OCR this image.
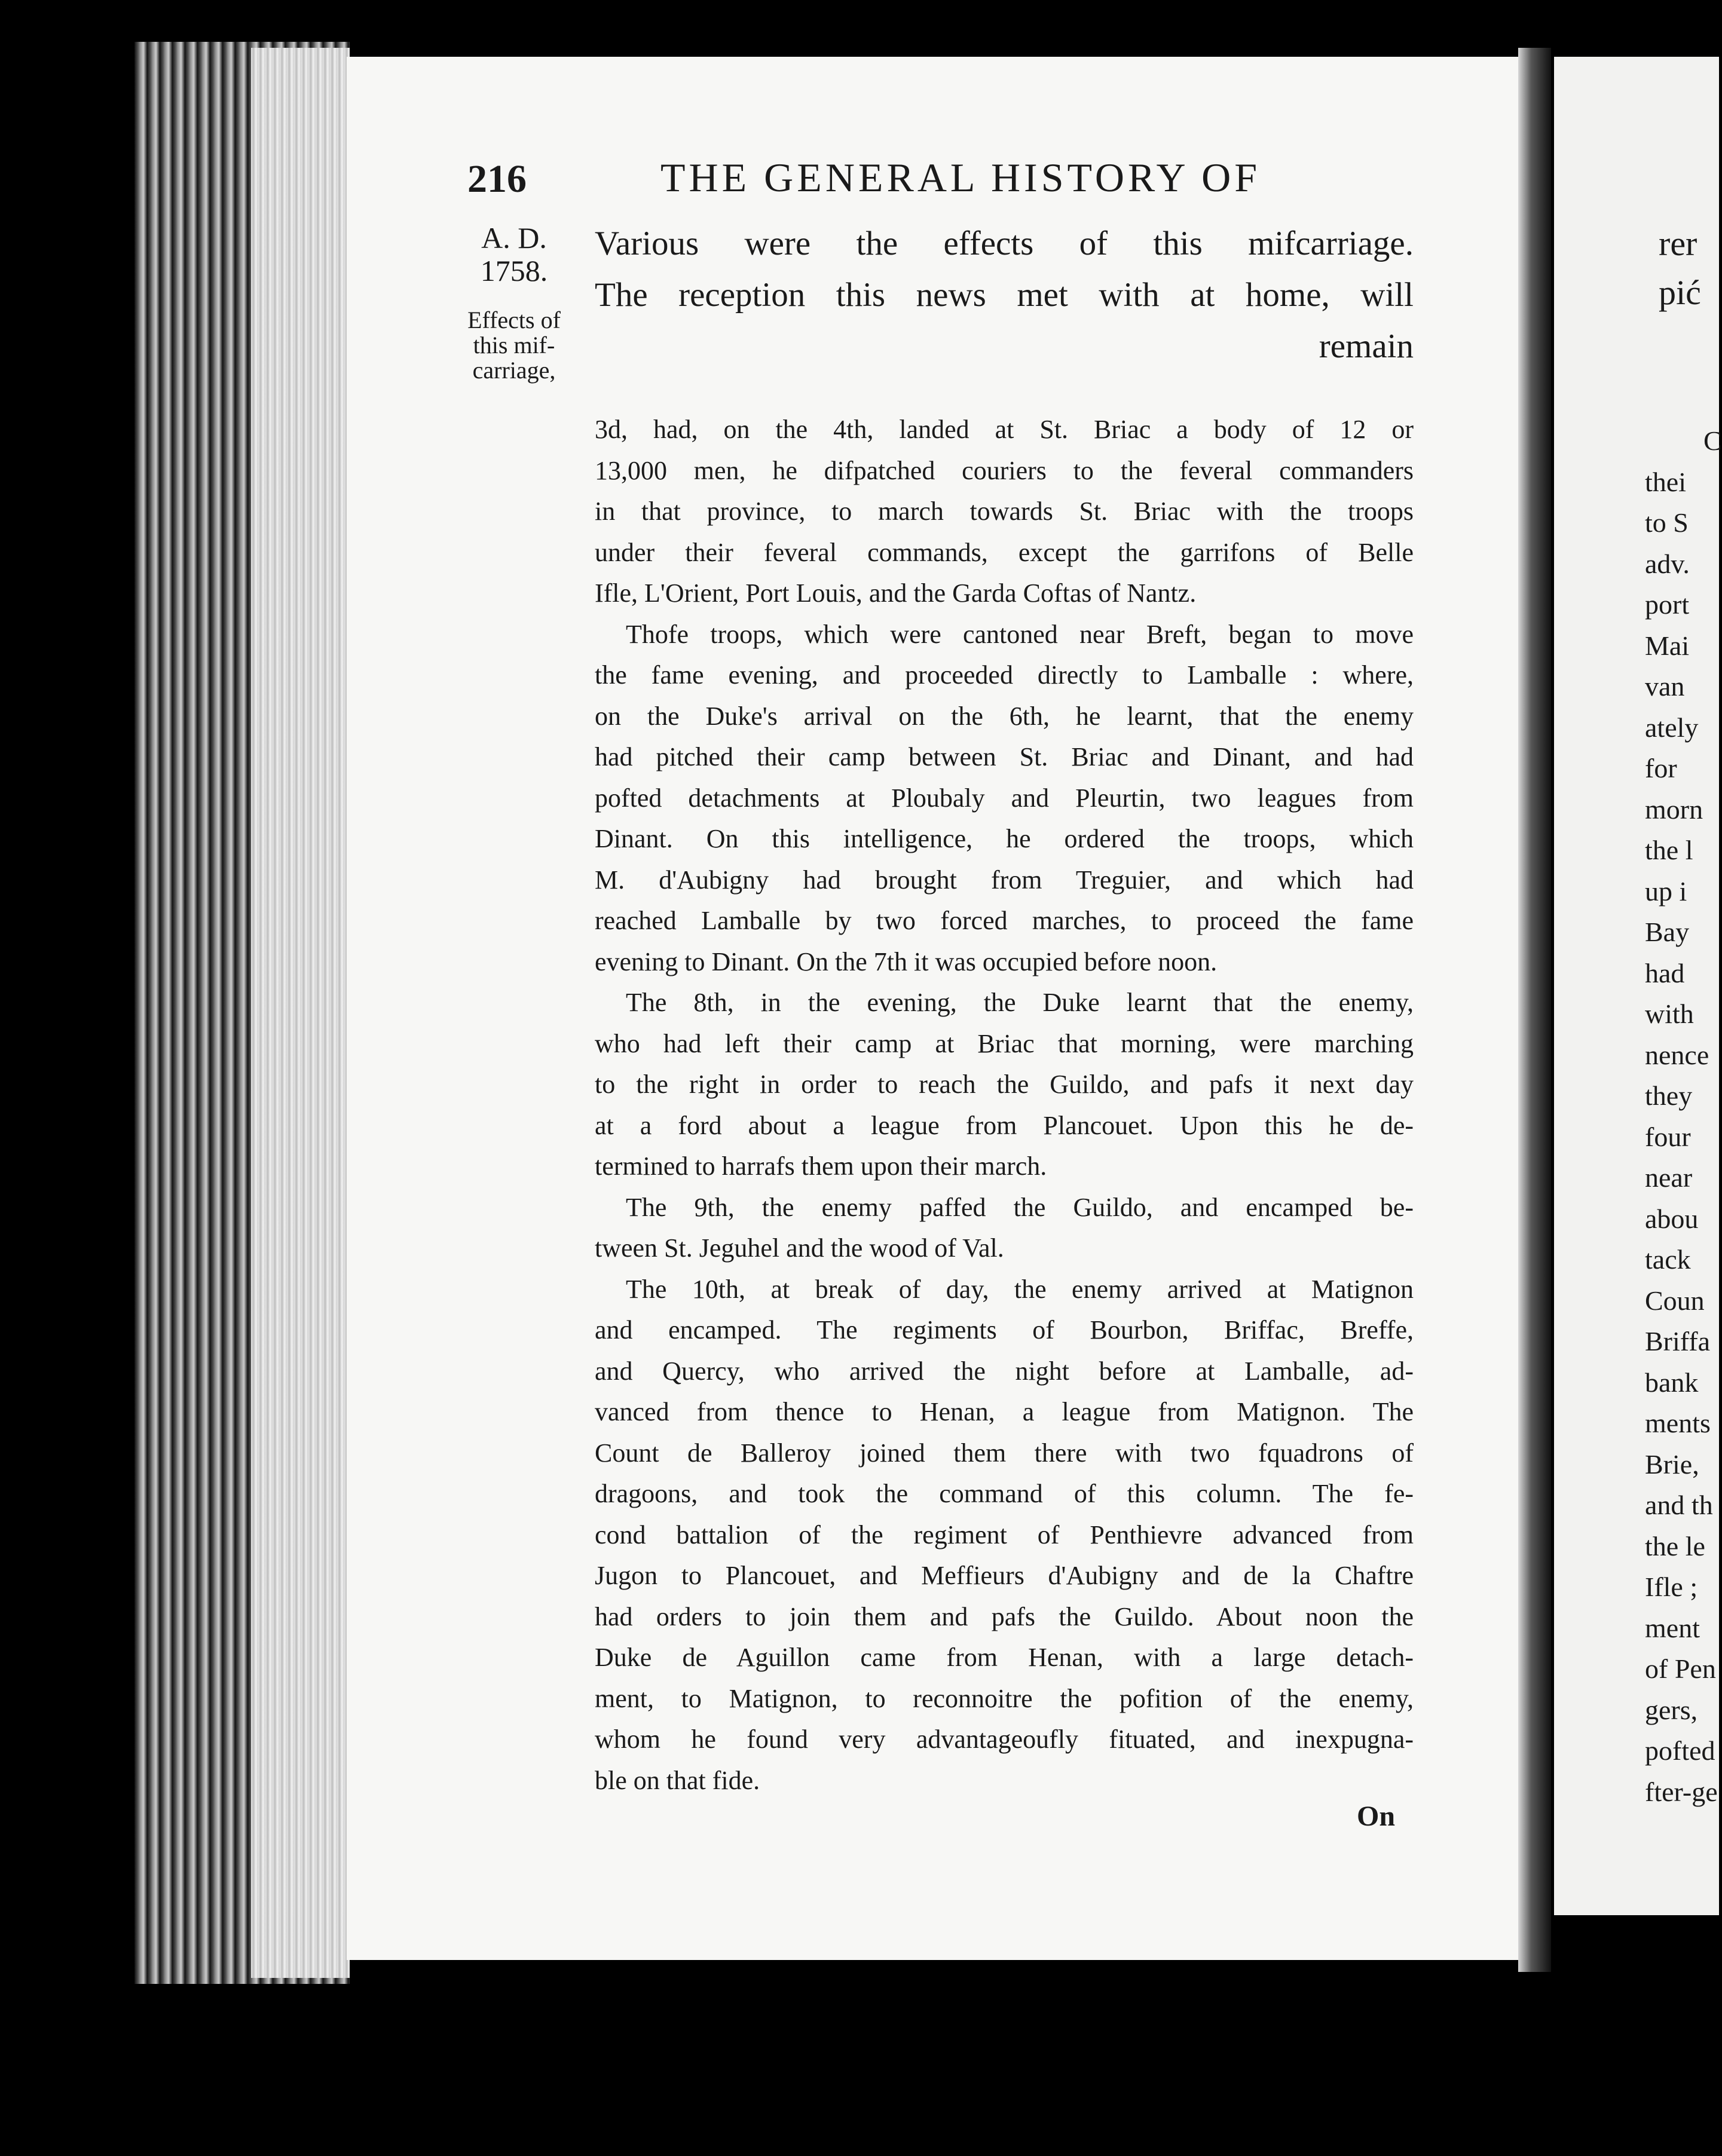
rer
pić
C
thei
to S
adv.
port
Mai
van
ately
for
morn
the l
up i
Bay
had
with
nence
they
four
near
abou
tack
Coun
Briffa
bank
ments
Brie,
and th
the le
Ifle ;
ment
of Pen
gers,
pofted
fter-ge
216	THE GENERAL HISTORY OF
A. D.
1758.
Effects of
this mif-
carriage,
Various were the effects of this mifcarriage.
The reception this news met with at home, will
remain
3d, had, on the 4th, landed at St. Briac a body of 12 or
13,000 men, he difpatched couriers to the feveral commanders
in that province, to march towards St. Briac with the troops
under their feveral commands, except the garrifons of Belle
Ifle, L'Orient, Port Louis, and the Garda Coftas of Nantz.
Thofe troops, which were cantoned near Breft, began to move
the fame evening, and proceeded directly to Lamballe : where,
on the Duke's arrival on the 6th, he learnt, that the enemy
had pitched their camp between St. Briac and Dinant, and had
pofted detachments at Ploubaly and Pleurtin, two leagues from
Dinant. On this intelligence, he ordered the troops, which
M. d'Aubigny had brought from Treguier, and which had
reached Lamballe by two forced marches, to proceed the fame
evening to Dinant. On the 7th it was occupied before noon.
The 8th, in the evening, the Duke learnt that the enemy,
who had left their camp at Briac that morning, were marching
to the right in order to reach the Guildo, and pafs it next day
at a ford about a league from Plancouet. Upon this he de-
termined to harrafs them upon their march.
The 9th, the enemy paffed the Guildo, and encamped be-
tween St. Jeguhel and the wood of Val.
The 10th, at break of day, the enemy arrived at Matignon
and encamped. The regiments of Bourbon, Briffac, Breffe,
and Quercy, who arrived the night before at Lamballe, ad-
vanced from thence to Henan, a league from Matignon. The
Count de Balleroy joined them there with two fquadrons of
dragoons, and took the command of this column. The fe-
cond battalion of the regiment of Penthievre advanced from
Jugon to Plancouet, and Meffieurs d'Aubigny and de la Chaftre
had orders to join them and pafs the Guildo. About noon the
Duke de Aguillon came from Henan, with a large detach-
ment, to Matignon, to reconnoitre the pofition of the enemy,
whom he found very advantageoufly fituated, and inexpugna-
ble on that fide.
On
